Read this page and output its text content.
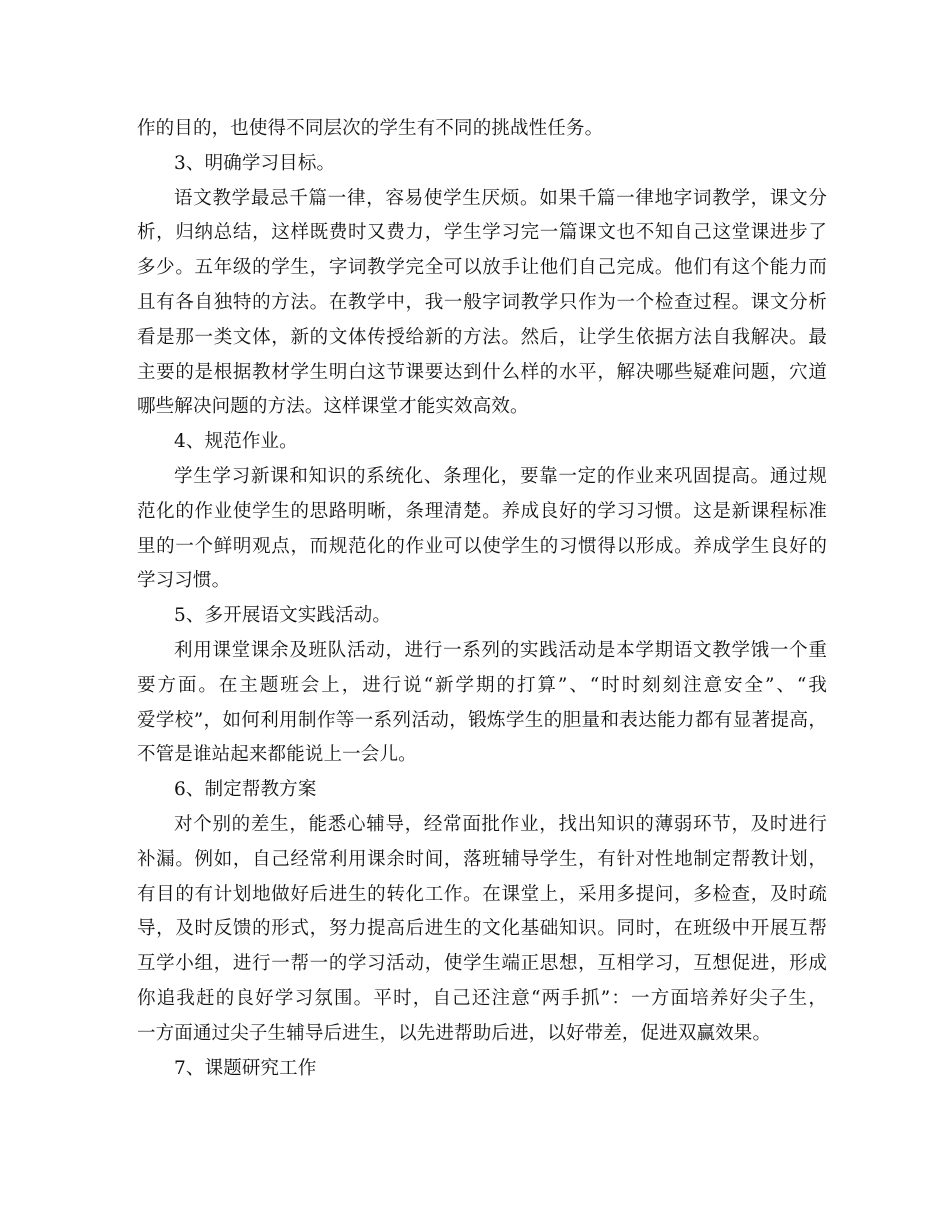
作的目的，也使得不同层次的学生有不同的挑战性任务。
3、明确学习目标。
语文教学最忌千篇一律，容易使学生厌烦。如果千篇一律地字词教学，课文分
析，归纳总结，这样既费时又费力，学生学习完一篇课文也不知自己这堂课进步了
多少。五年级的学生，字词教学完全可以放手让他们自己完成。他们有这个能力而
且有各自独特的方法。在教学中，我一般字词教学只作为一个检查过程。课文分析
看是那一类文体，新的文体传授给新的方法。然后，让学生依据方法自我解决。最
主要的是根据教材学生明白这节课要达到什么样的水平，解决哪些疑难问题，穴道
哪些解决问题的方法。这样课堂才能实效高效。
4、规范作业。
学生学习新课和知识的系统化、条理化，要靠一定的作业来巩固提高。通过规
范化的作业使学生的思路明晰，条理清楚。养成良好的学习习惯。这是新课程标准
里的一个鲜明观点，而规范化的作业可以使学生的习惯得以形成。养成学生良好的
学习习惯。
5、多开展语文实践活动。
利用课堂课余及班队活动，进行一系列的实践活动是本学期语文教学饿一个重
要方面。在主题班会上，进行说“新学期的打算”、“时时刻刻注意安全”、“我
爱学校”，如何利用制作等一系列活动，锻炼学生的胆量和表达能力都有显著提高，
不管是谁站起来都能说上一会儿。
6、制定帮教方案
对个别的差生，能悉心辅导，经常面批作业，找出知识的薄弱环节，及时进行
补漏。例如，自己经常利用课余时间，落班辅导学生，有针对性地制定帮教计划，
有目的有计划地做好后进生的转化工作。在课堂上，采用多提问，多检查，及时疏
导，及时反馈的形式，努力提高后进生的文化基础知识。同时，在班级中开展互帮
互学小组，进行一帮一的学习活动，使学生端正思想，互相学习，互想促进，形成
你追我赶的良好学习氛围。平时，自己还注意“两手抓”：一方面培养好尖子生，
一方面通过尖子生辅导后进生，以先进帮助后进，以好带差，促进双赢效果。
7、课题研究工作
